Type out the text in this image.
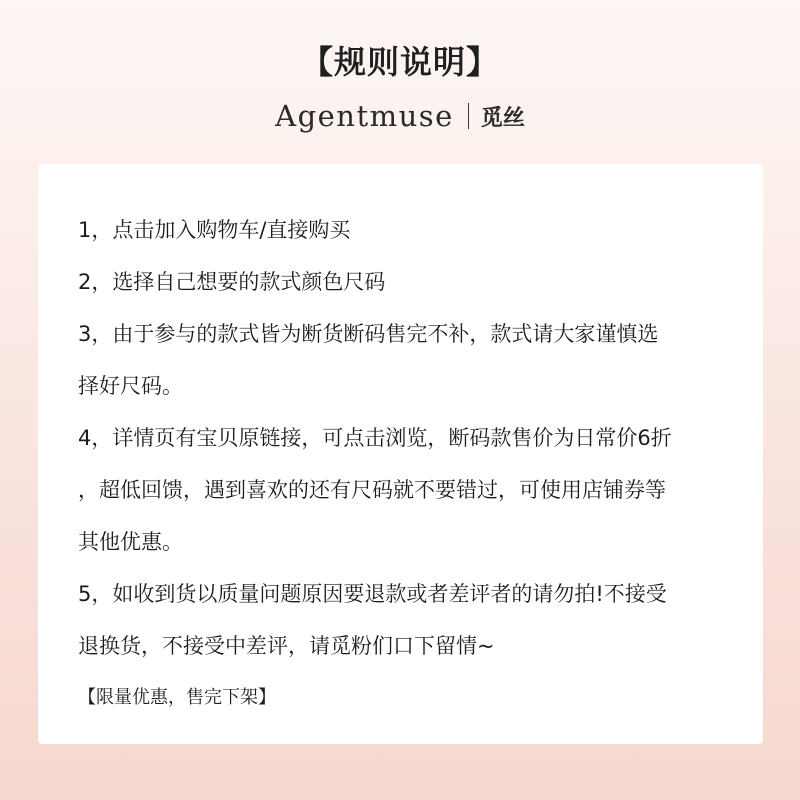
【规则说明】
Agentmuse 觅丝

1，点击加入购物车/直接购买

2，选择自己想要的款式颜色尺码

3，由于参与的款式皆为断货断码售完不补，款式请大家谨慎选

择好尺码。

4，详情页有宝贝原链接，可点击浏览，断码款售价为日常价6折

，超低回馈，遇到喜欢的还有尺码就不要错过，可使用店铺券等

其他优惠。

5，如收到货以质量问题原因要退款或者差评者的请勿拍!不接受

退换货，不接受中差评，请觅粉们口下留情~

【限量优惠，售完下架】
